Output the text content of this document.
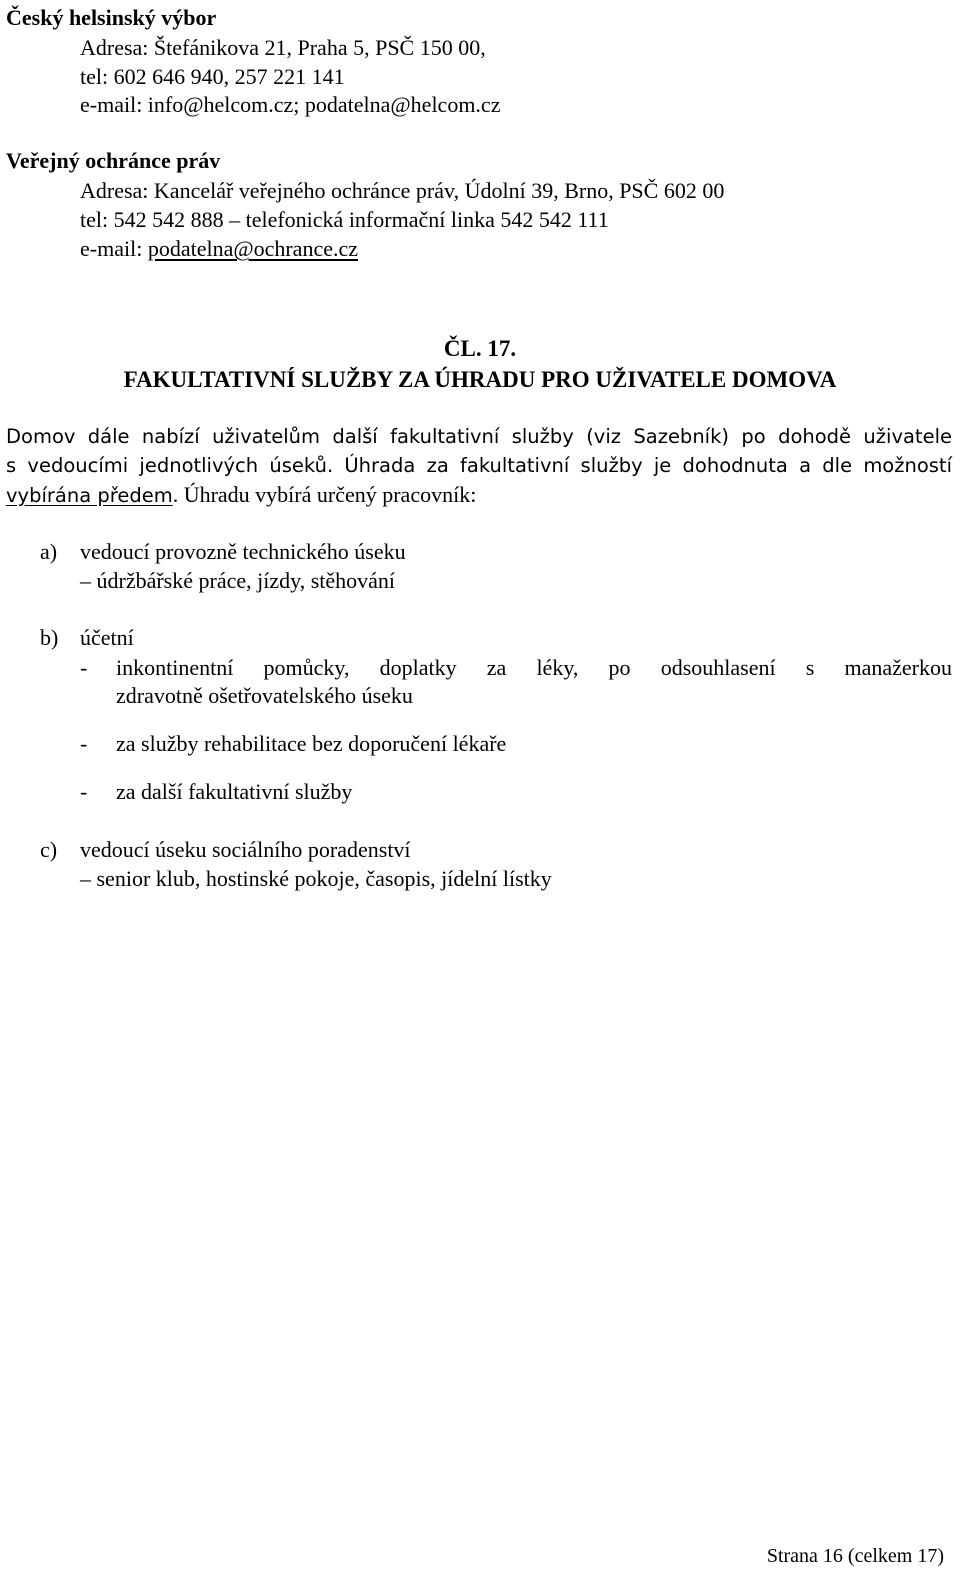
Český helsinský výbor
Adresa: Štefánikova 21, Praha 5, PSČ 150 00,
tel: 602 646 940, 257 221 141
e-mail: info@helcom.cz; podatelna@helcom.cz
Veřejný ochránce práv
Adresa: Kancelář veřejného ochránce práv, Údolní 39, Brno, PSČ 602 00
tel: 542 542 888 – telefonická informační linka 542 542 111
e-mail: podatelna@ochrance.cz
ČL. 17.
FAKULTATIVNÍ SLUŽBY ZA ÚHRADU PRO UŽIVATELE DOMOVA
Domov dále nabízí uživatelům další fakultativní služby (viz Sazebník) po dohodě uživatele
s vedoucími jednotlivých úseků. Úhrada za fakultativní služby je dohodnuta a dle možností
vybírána předem. Úhradu vybírá určený pracovník:
a) vedoucí provozně technického úseku
– údržbářské práce, jízdy, stěhování
b) účetní
- inkontinentní pomůcky, doplatky za léky, po odsouhlasení s manažerkou
zdravotně ošetřovatelského úseku
- za služby rehabilitace bez doporučení lékaře
- za další fakultativní služby
c) vedoucí úseku sociálního poradenství
– senior klub, hostinské pokoje, časopis, jídelní lístky
Strana 16 (celkem 17)
